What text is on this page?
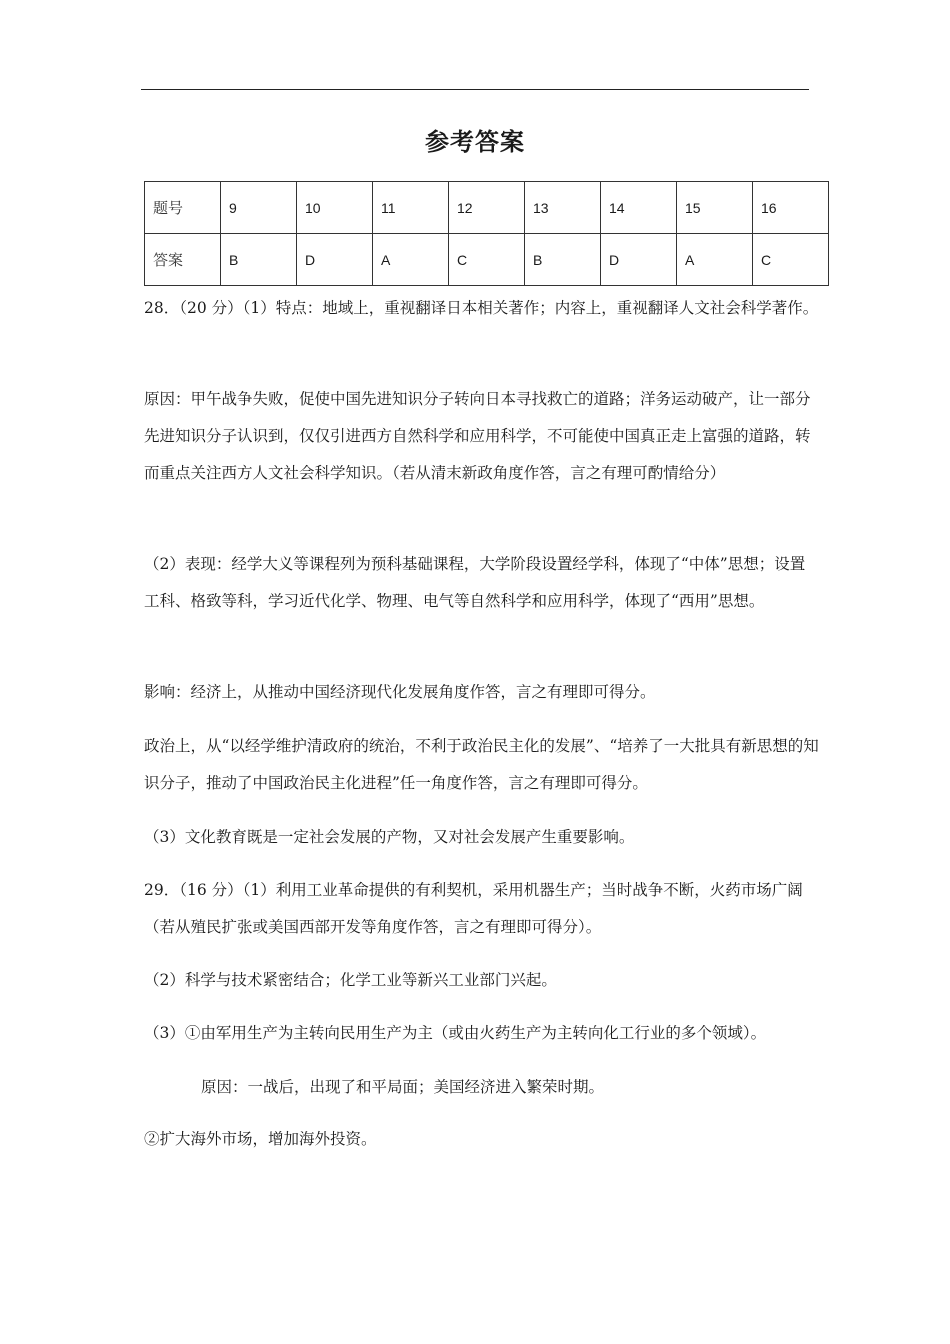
参考答案
题号	9	10	11	12	13	14	15	16
答案	B	D	A	C	B	D	A	C

28．（20 分）（1）特点：地域上，重视翻译日本相关著作；内容上，重视翻译人文社会科学著作。

原因：甲午战争失败，促使中国先进知识分子转向日本寻找救亡的道路；洋务运动破产，让一部分先进知识分子认识到，仅仅引进西方自然科学和应用科学，不可能使中国真正走上富强的道路，转而重点关注西方人文社会科学知识。（若从清末新政角度作答，言之有理可酌情给分）

（2）表现：经学大义等课程列为预科基础课程，大学阶段设置经学科，体现了“中体”思想；设置工科、格致等科，学习近代化学、物理、电气等自然科学和应用科学，体现了“西用”思想。

影响：经济上，从推动中国经济现代化发展角度作答，言之有理即可得分。

政治上，从“以经学维护清政府的统治，不利于政治民主化的发展”、“培养了一大批具有新思想的知识分子，推动了中国政治民主化进程”任一角度作答，言之有理即可得分。

（3）文化教育既是一定社会发展的产物，又对社会发展产生重要影响。

29．（16 分）（1）利用工业革命提供的有利契机，采用机器生产；当时战争不断，火药市场广阔（若从殖民扩张或美国西部开发等角度作答，言之有理即可得分）。

（2）科学与技术紧密结合；化学工业等新兴工业部门兴起。

（3）①由军用生产为主转向民用生产为主（或由火药生产为主转向化工行业的多个领域）。

原因：一战后，出现了和平局面；美国经济进入繁荣时期。

②扩大海外市场，增加海外投资。
